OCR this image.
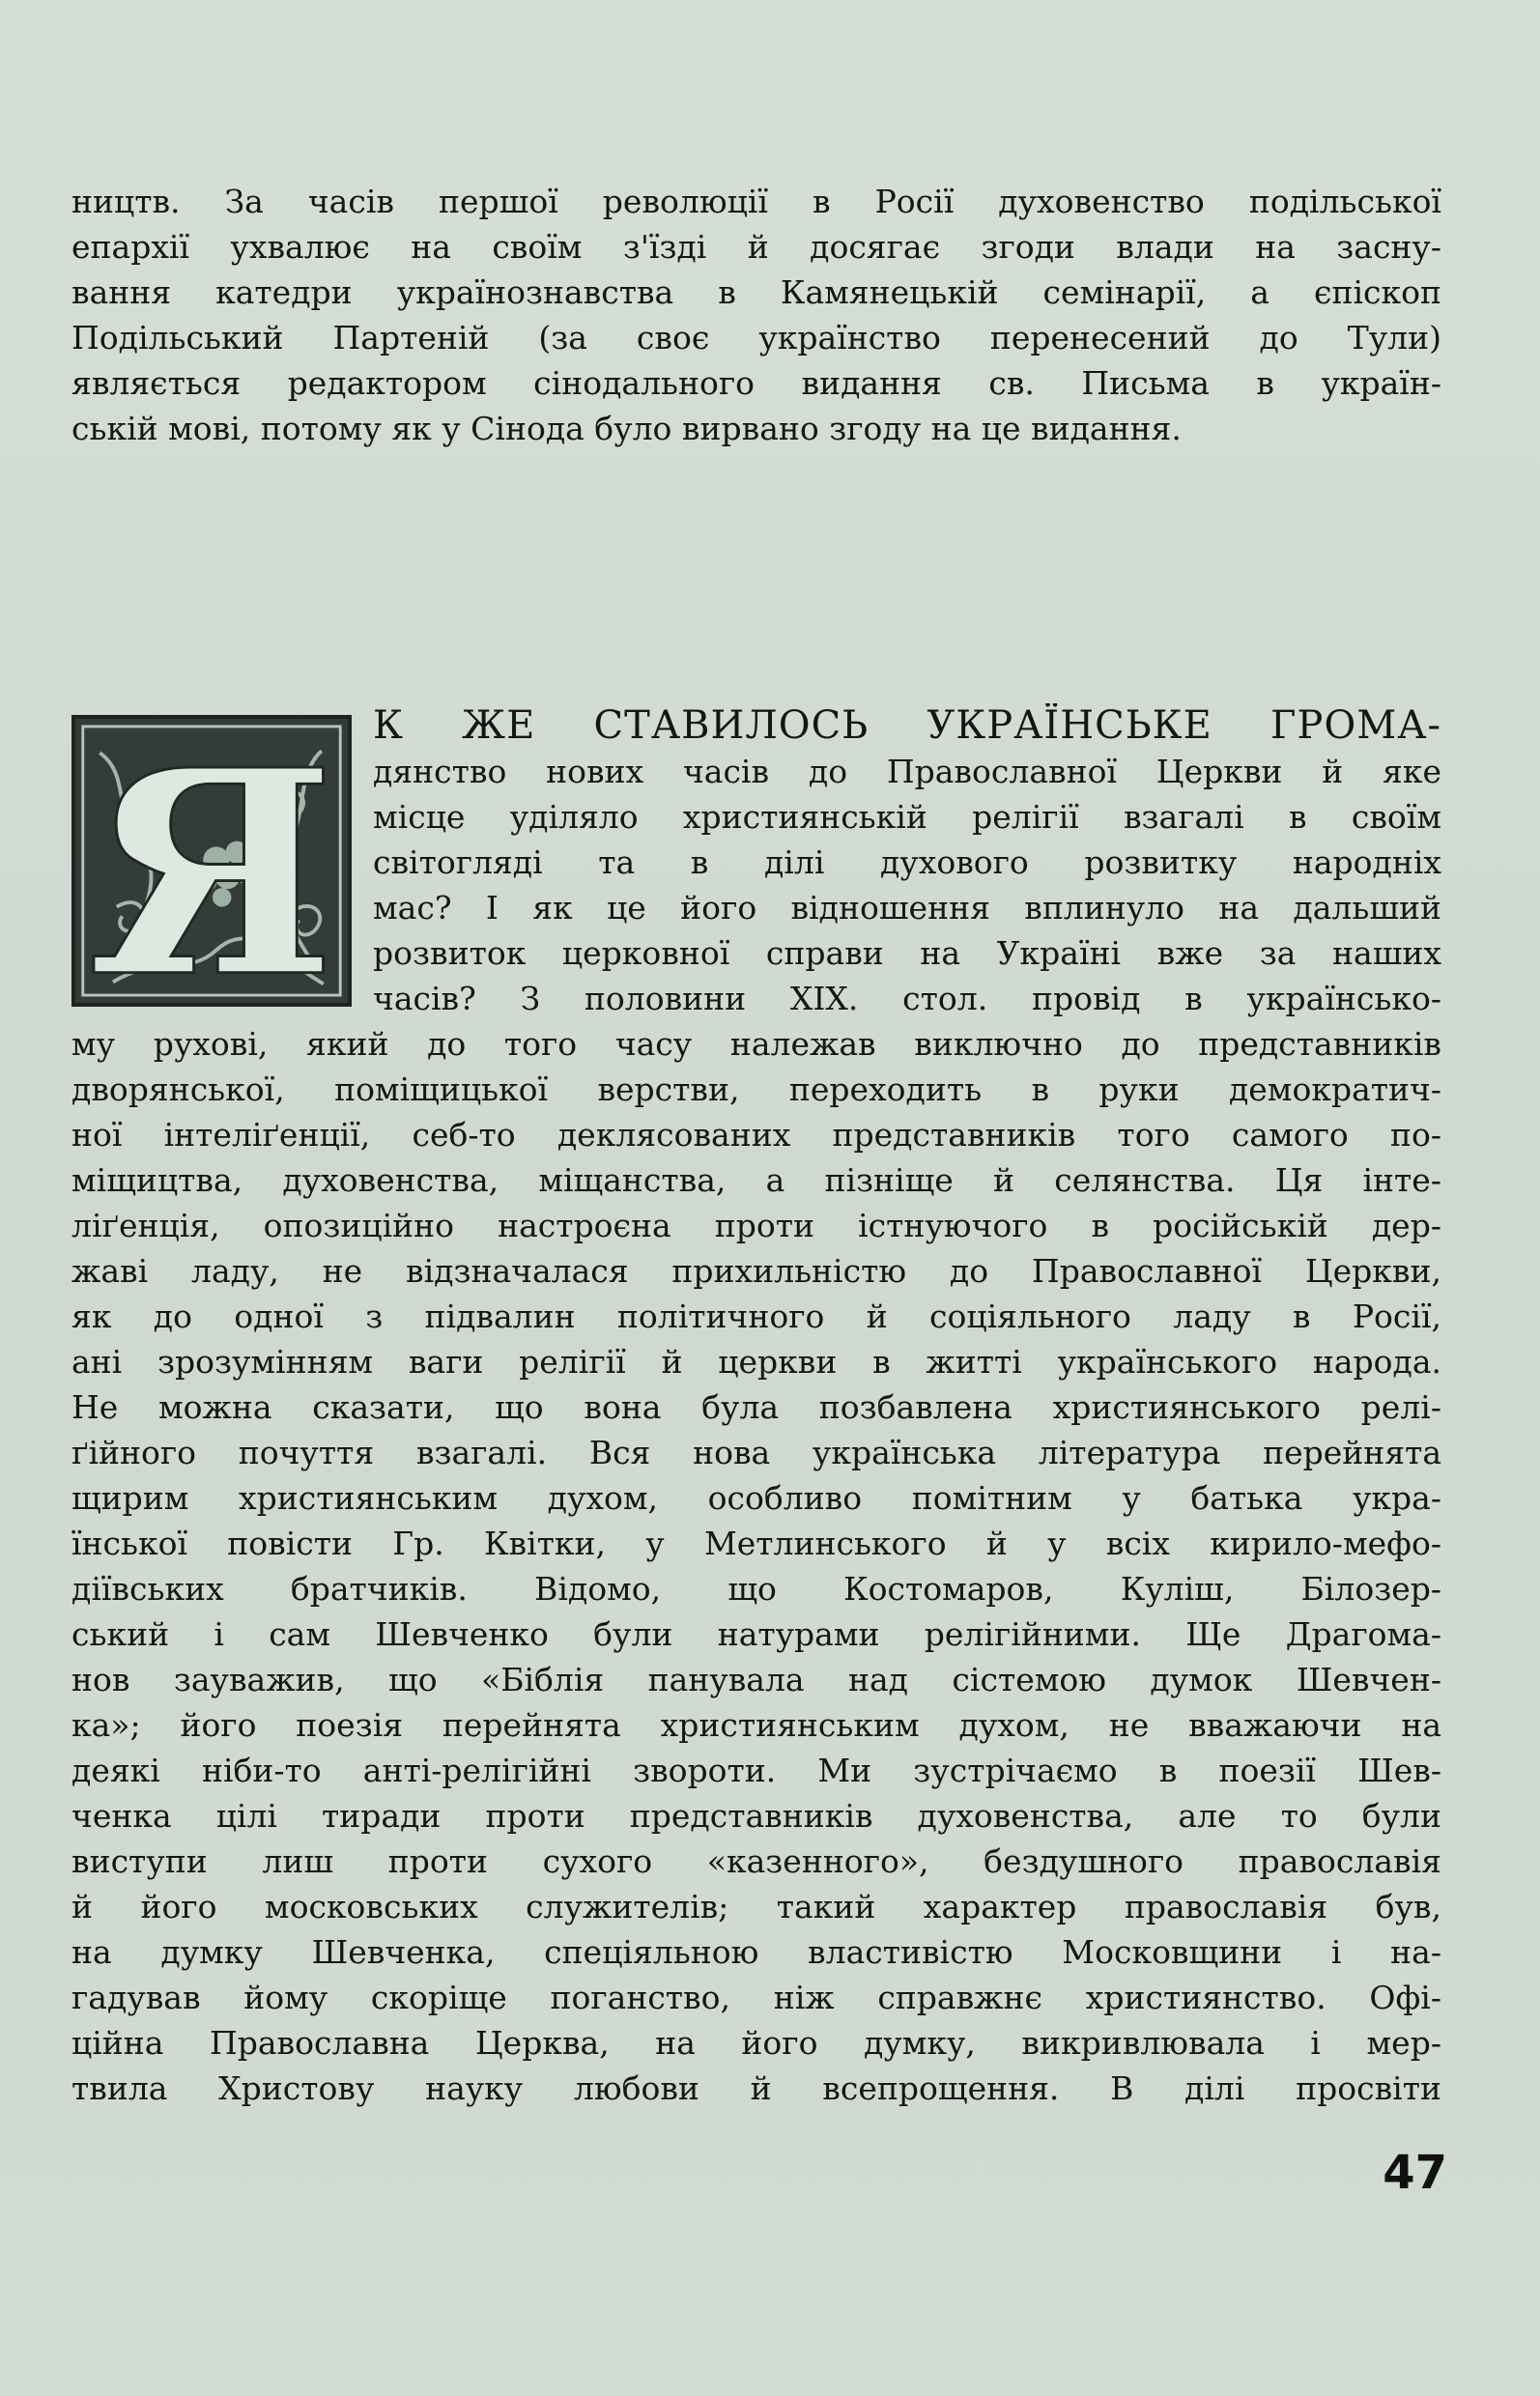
ництв. За часів першої революції в Росії духовенство подільської
епархії ухвалює на своїм з'їзді й досягає згоди влади на засну-
вання катедри українознавства в Камянецькій семінарії, а єпіскоп
Подільський Партеній (за своє українство перенесений до Тули)
являється редактором сінодального видання св. Письма в україн-
ській мові, потому як у Сінода було вирвано згоду на це видання.
Я К ЖЕ СТАВИЛОСЬ УКРАЇНСЬКЕ ГРОМА-
дянство нових часів до Православної Церкви й яке
місце уділяло християнській релігії взагалі в своїм
світогляді та в ділі духового розвитку народніх
мас? І як це його відношення вплинуло на дальший
розвиток церковної справи на Україні вже за наших
часів? З половини XIX. стол. провід в українсько-
му рухові, який до того часу належав виключно до представників
дворянської, поміщицької верстви, переходить в руки демократич-
ної інтеліґенції, себ-то деклясованих представників того самого по-
міщицтва, духовенства, міщанства, а пізніще й селянства. Ця інте-
ліґенція, опозиційно настроєна проти істнуючого в російській дер-
жаві ладу, не відзначалася прихильністю до Православної Церкви,
як до одної з підвалин політичного й соціяльного ладу в Росії,
ані зрозумінням ваги релігії й церкви в житті українського народа.
Не можна сказати, що вона була позбавлена християнського релі-
ґійного почуття взагалі. Вся нова українська література перейнята
щирим християнським духом, особливо помітним у батька укра-
їнської повісти Гр. Квітки, у Метлинського й у всіх кирило-мефо-
діївських братчиків. Відомо, що Костомаров, Куліш, Білозер-
ський і сам Шевченко були натурами релігійними. Ще Драгома-
нов зауважив, що «Біблія панувала над сістемою думок Шевчен-
ка»; його поезія перейнята християнським духом, не вважаючи на
деякі ніби-то анті-релігійні звороти. Ми зустрічаємо в поезії Шев-
ченка цілі тиради проти представників духовенства, але то були
виступи лиш проти сухого «казенного», бездушного православія
й його московських служителів; такий характер православія був,
на думку Шевченка, спеціяльною властивістю Московщини і на-
гадував йому скоріще поганство, ніж справжнє християнство. Офі-
ційна Православна Церква, на його думку, викривлювала і мер-
твила Христову науку любови й всепрощення. В ділі просвіти
47
